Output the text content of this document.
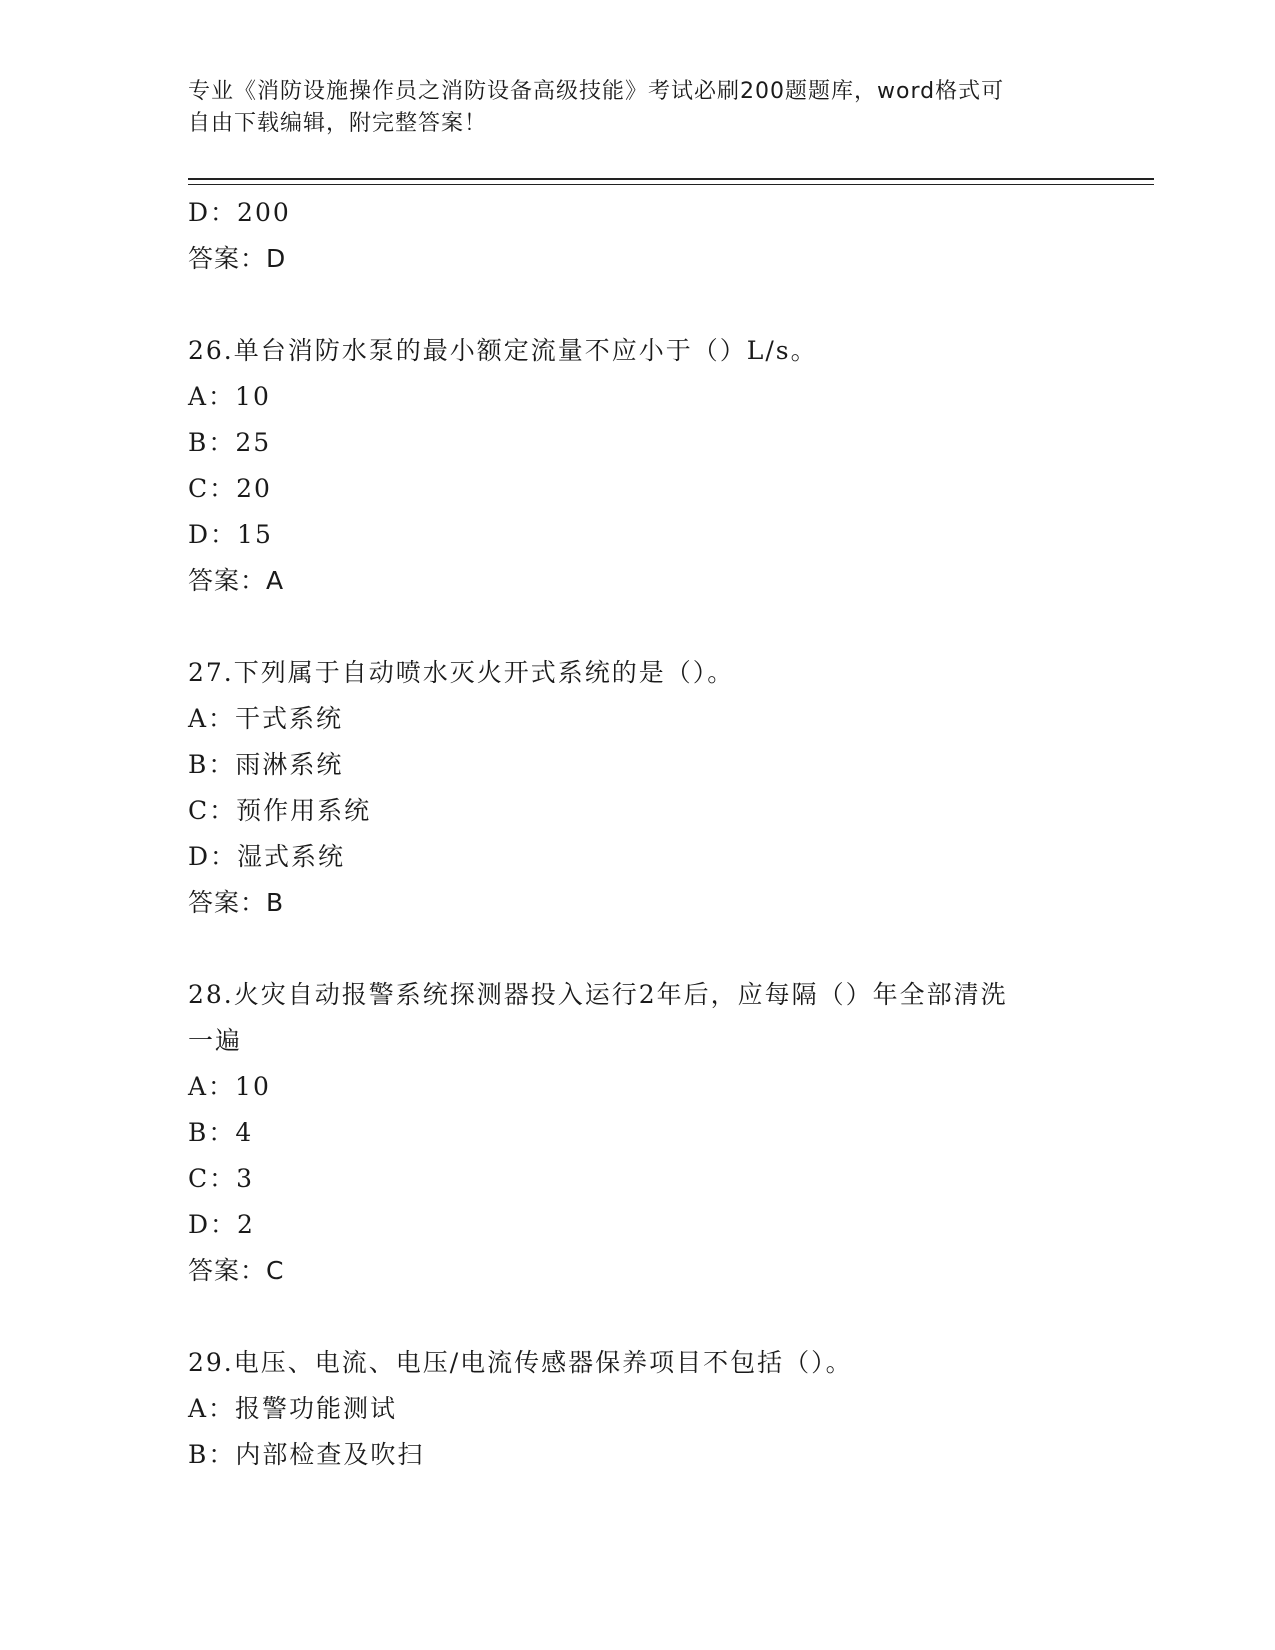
专业《消防设施操作员之消防设备高级技能》考试必刷200题题库，word格式可
自由下载编辑，附完整答案！
D：200
答案：D
26.单台消防水泵的最小额定流量不应小于（）L/s。
A：10
B：25
C：20
D：15
答案：A
27.下列属于自动喷水灭火开式系统的是（）。
A：干式系统
B：雨淋系统
C：预作用系统
D：湿式系统
答案：B
28.火灾自动报警系统探测器投入运行2年后，应每隔（）年全部清洗
一遍
A：10
B：4
C：3
D：2
答案：C
29.电压、电流、电压/电流传感器保养项目不包括（）。
A：报警功能测试
B：内部检查及吹扫
